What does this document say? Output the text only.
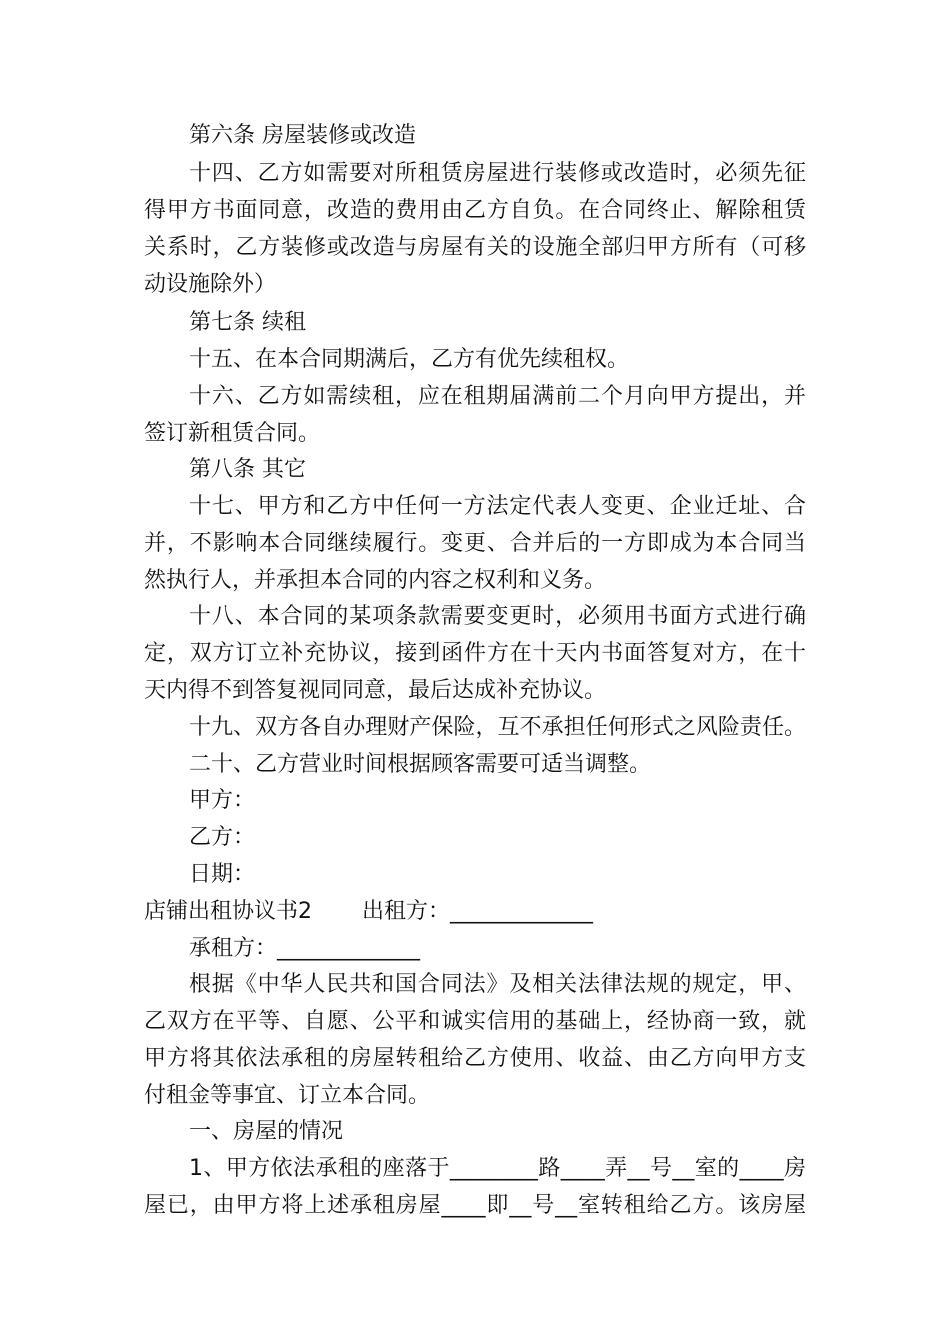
第六条 房屋装修或改造
十四、乙方如需要对所租赁房屋进行装修或改造时，必须先征
得甲方书面同意，改造的费用由乙方自负。在合同终止、解除租赁
关系时，乙方装修或改造与房屋有关的设施全部归甲方所有（可移
动设施除外）
第七条 续租
十五、在本合同期满后，乙方有优先续租权。
十六、乙方如需续租，应在租期届满前二个月向甲方提出，并
签订新租赁合同。
第八条 其它
十七、甲方和乙方中任何一方法定代表人变更、企业迁址、合
并，不影响本合同继续履行。变更、合并后的一方即成为本合同当
然执行人，并承担本合同的内容之权利和义务。
十八、本合同的某项条款需要变更时，必须用书面方式进行确
定，双方订立补充协议，接到函件方在十天内书面答复对方，在十
天内得不到答复视同同意，最后达成补充协议。
十九、双方各自办理财产保险，互不承担任何形式之风险责任。
二十、乙方营业时间根据顾客需要可适当调整。
甲方：
乙方：
日期：
店铺出租协议书2 出租方：_____________
承租方：_____________
根据《中华人民共和国合同法》及相关法律法规的规定，甲、
乙双方在平等、自愿、公平和诚实信用的基础上，经协商一致，就
甲方将其依法承租的房屋转租给乙方使用、收益、由乙方向甲方支
付租金等事宜、订立本合同。
一、房屋的情况
1、甲方依法承租的座落于________路____弄__号__室的____房
屋已，由甲方将上述承租房屋____即__号__室转租给乙方。该房屋
